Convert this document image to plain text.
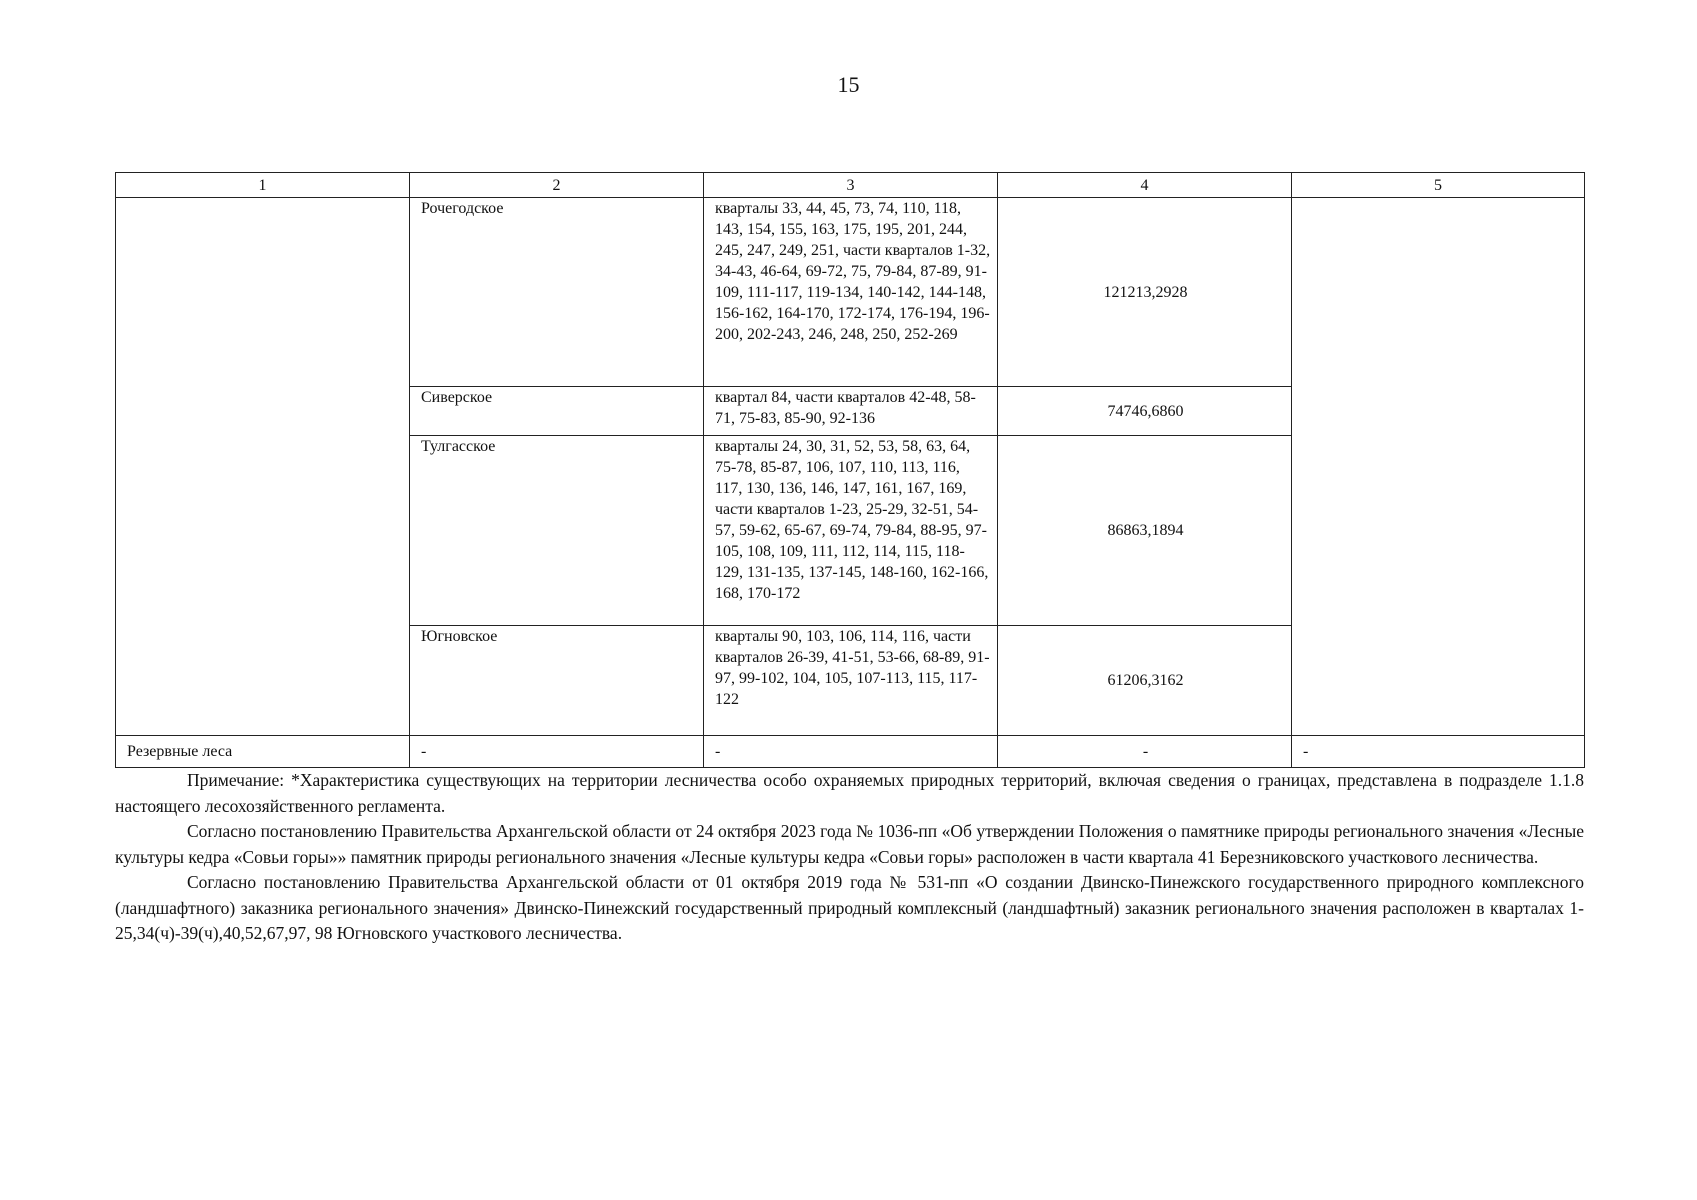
15
1	2	3	4	5
	Рочегодское	кварталы 33, 44, 45, 73, 74, 110, 118, 143, 154, 155, 163, 175, 195, 201, 244, 245, 247, 249, 251, части кварталов 1-32, 34-43, 46-64, 69-72, 75, 79-84, 87-89, 91-109, 111-117, 119-134, 140-142, 144-148, 156-162, 164-170, 172-174, 176-194, 196-200, 202-243, 246, 248, 250, 252-269	121213,2928	
	Сиверское	квартал 84, части кварталов 42-48, 58-71, 75-83, 85-90, 92-136	74746,6860	
	Тулгасское	кварталы 24, 30, 31, 52, 53, 58, 63, 64, 75-78, 85-87, 106, 107, 110, 113, 116, 117, 130, 136, 146, 147, 161, 167, 169, части кварталов 1-23, 25-29, 32-51, 54-57, 59-62, 65-67, 69-74, 79-84, 88-95, 97-105, 108, 109, 111, 112, 114, 115, 118-129, 131-135, 137-145, 148-160, 162-166, 168, 170-172	86863,1894	
	Югновское	кварталы 90, 103, 106, 114, 116, части кварталов 26-39, 41-51, 53-66, 68-89, 91-97, 99-102, 104, 105, 107-113, 115, 117-122	61206,3162	
Резервные леса	-	-	-	-

Примечание: *Характеристика существующих на территории лесничества особо охраняемых природных территорий, включая сведения о границах, представлена в подразделе 1.1.8 настоящего лесохозяйственного регламента.

Согласно постановлению Правительства Архангельской области от 24 октября 2023 года № 1036-пп «Об утверждении Положения о памятнике природы регионального значения «Лесные культуры кедра «Совьи горы»» памятник природы регионального значения «Лесные культуры кедра «Совьи горы» расположен в части квартала 41 Березниковского участкового лесничества.

Согласно постановлению Правительства Архангельской области от 01 октября 2019 года № 531-пп «О создании Двинско-Пинежского государственного природного комплексного (ландшафтного) заказника регионального значения» Двинско-Пинежский государственный природный комплексный (ландшафтный) заказник регионального значения расположен в кварталах 1-25,34(ч)-39(ч),40,52,67,97, 98 Югновского участкового лесничества.
